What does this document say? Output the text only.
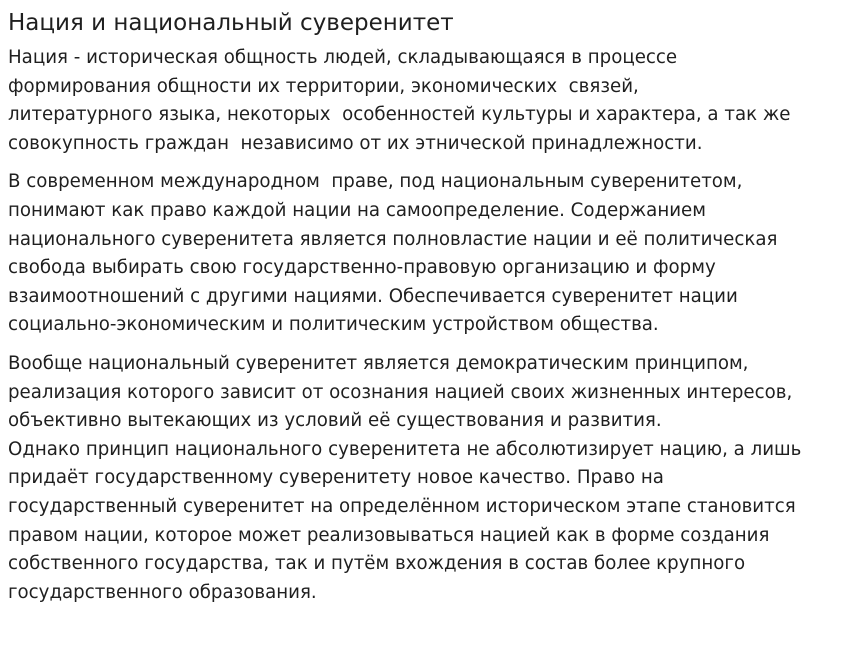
Нация и национальный суверенитет

Нация - историческая общность людей, складывающаяся в процессе
формирования общности их территории, экономических  связей,
литературного языка, некоторых  особенностей культуры и характера, а так же
совокупность граждан  независимо от их этнической принадлежности.

В современном международном  праве, под национальным суверенитетом,
понимают как право каждой нации на самоопределение. Содержанием
национального суверенитета является полновластие нации и её политическая
свобода выбирать свою государственно-правовую организацию и форму
взаимоотношений с другими нациями. Обеспечивается суверенитет нации
социально-экономическим и политическим устройством общества.

Вообще национальный суверенитет является демократическим принципом,
реализация которого зависит от осознания нацией своих жизненных интересов,
объективно вытекающих из условий её существования и развития.

Однако принцип национального суверенитета не абсолютизирует нацию, а лишь
придаёт государственному суверенитету новое качество. Право на
государственный суверенитет на определённом историческом этапе становится
правом нации, которое может реализовываться нацией как в форме создания
собственного государства, так и путём вхождения в состав более крупного
государственного образования.
